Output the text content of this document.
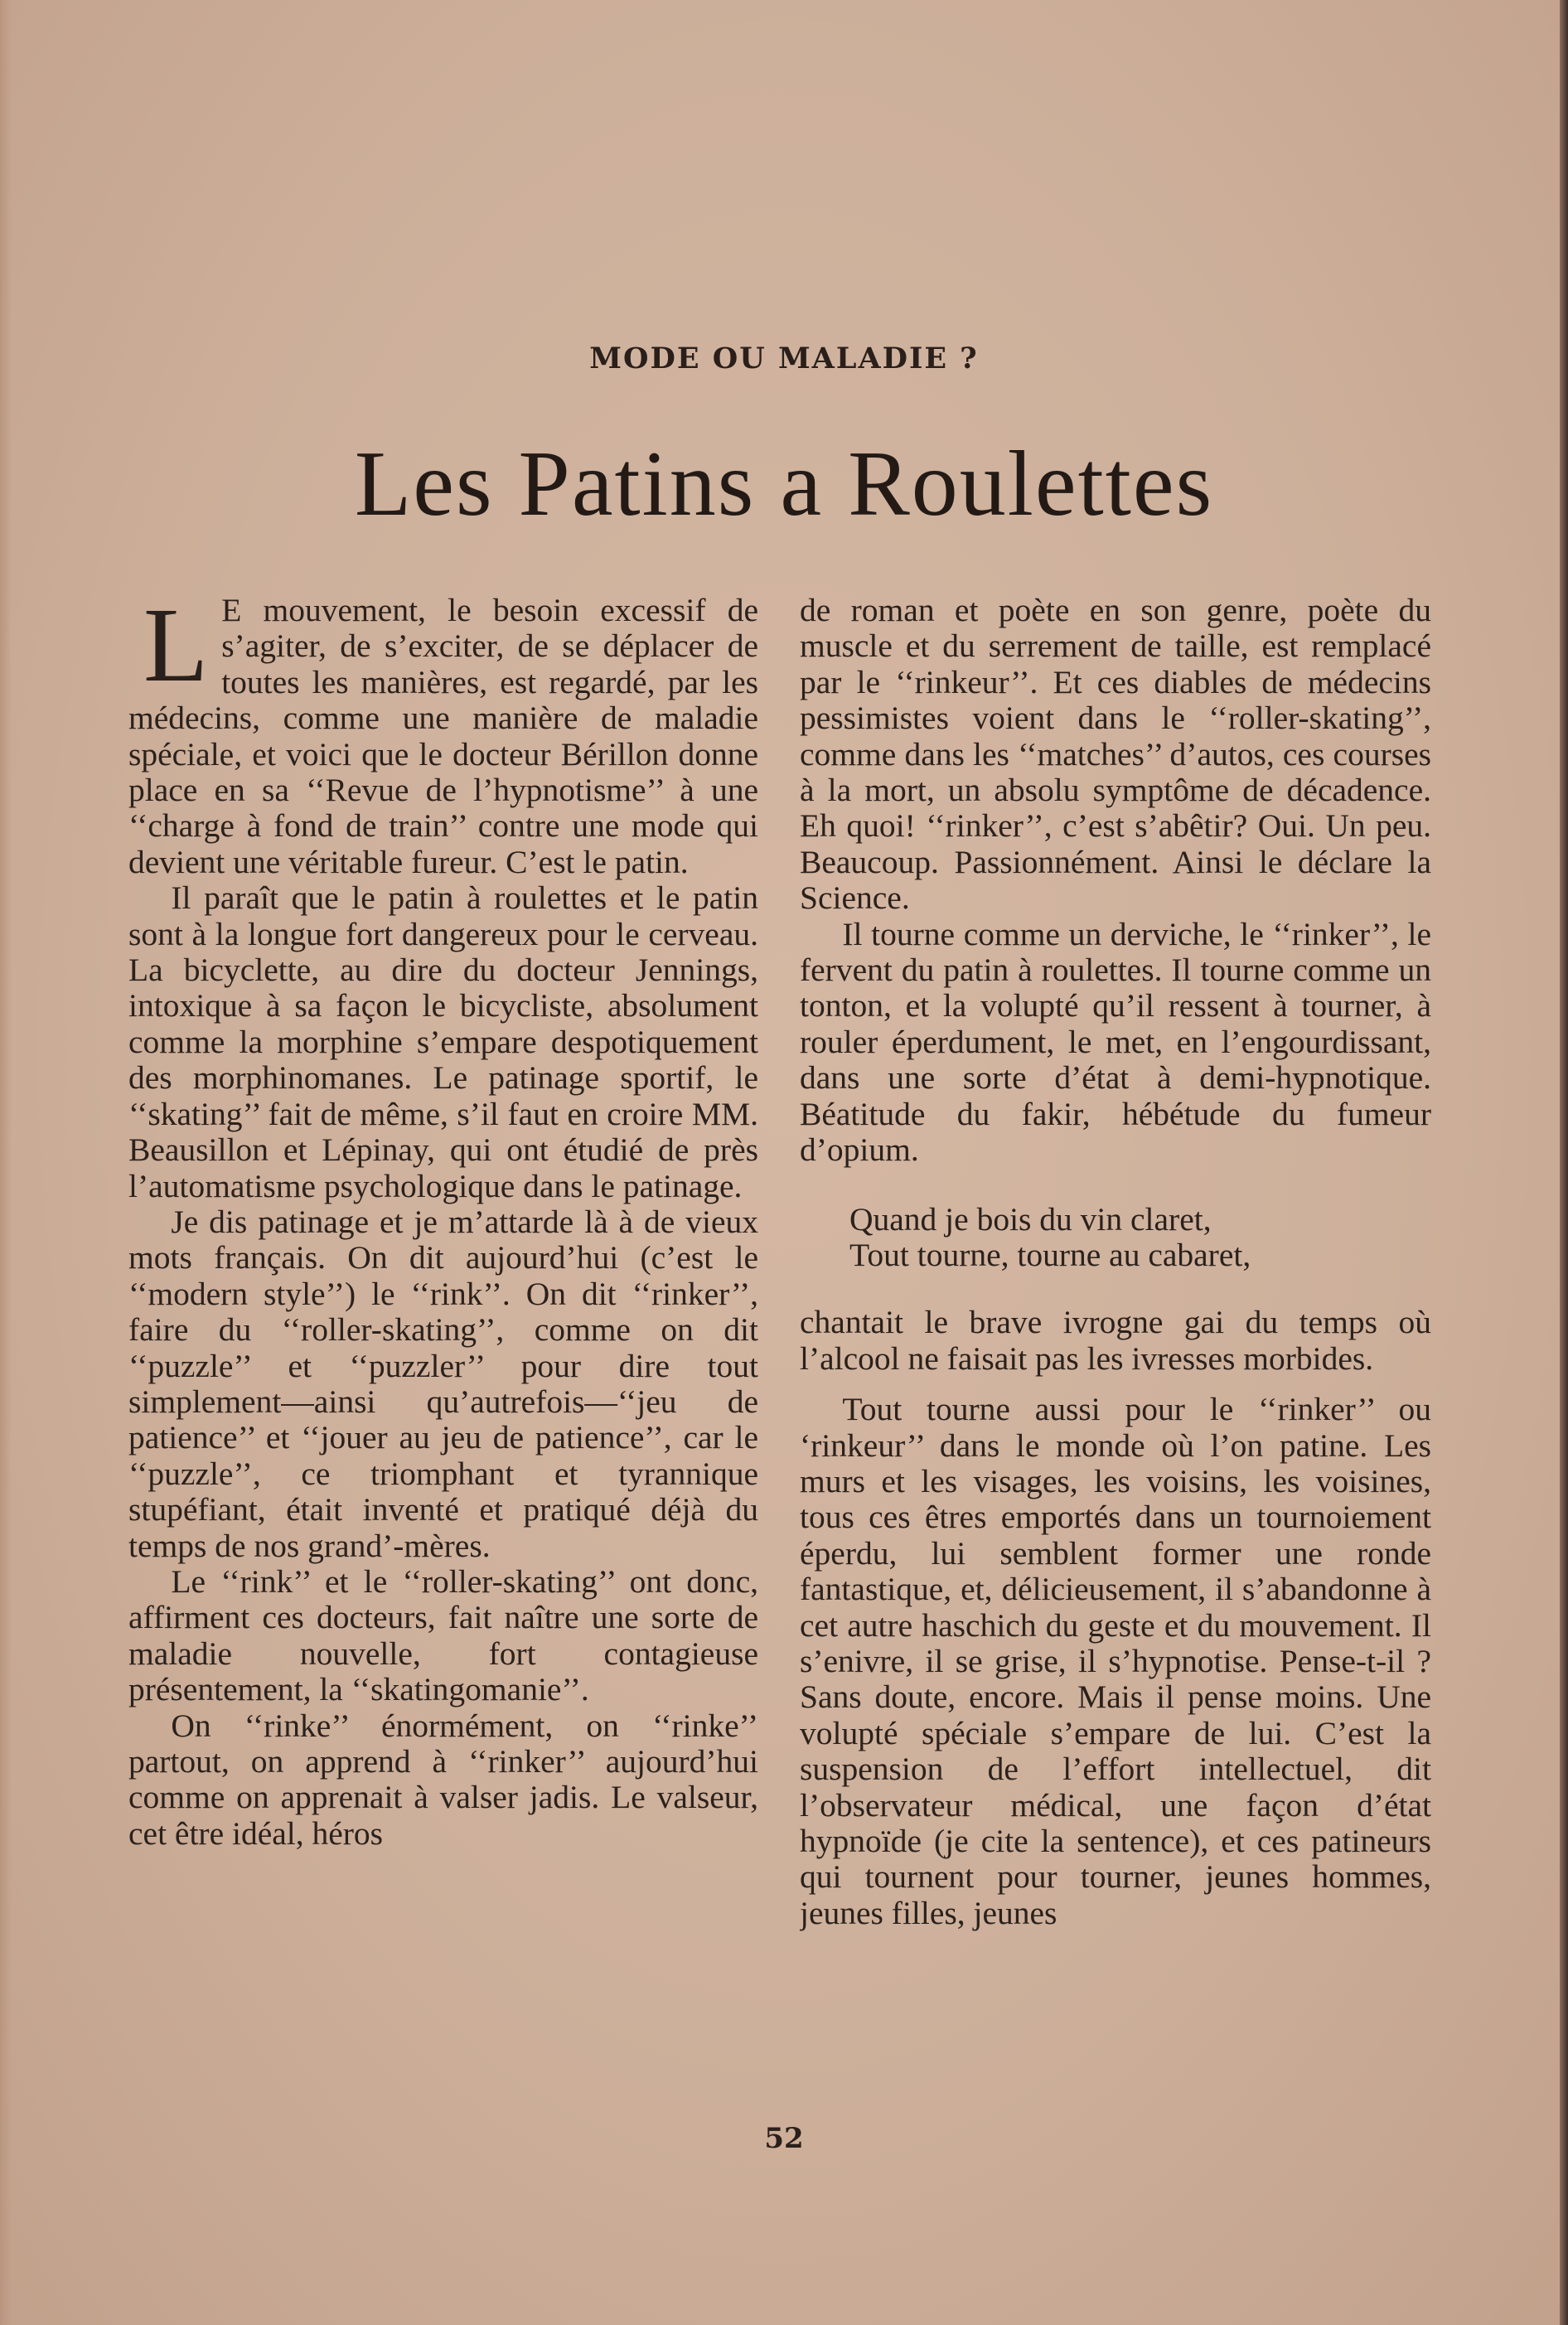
MODE OU MALADIE ?
Les Patins a Roulettes

L E mouvement, le besoin excessif de s’agiter, de s’exciter, de se déplacer de toutes les manières, est regardé, par les médecins, comme une manière de maladie spéciale, et voici que le docteur Bérillon donne place en sa ‘‘Revue de l’hypnotisme’’ à une ‘‘charge à fond de train’’ contre une mode qui devient une véritable fureur. C’est le patin.

Il paraît que le patin à roulettes et le patin sont à la longue fort dangereux pour le cerveau. La bicyclette, au dire du docteur Jennings, intoxique à sa façon le bicycliste, absolument comme la morphine s’empare despotiquement des morphinomanes. Le patinage sportif, le ‘‘skating’’ fait de même, s’il faut en croire MM. Beausillon et Lépinay, qui ont étudié de près l’automatisme psychologique dans le patinage.

Je dis patinage et je m’attarde là à de vieux mots français. On dit aujourd’hui (c’est le ‘‘modern style’’) le ‘‘rink’’. On dit ‘‘rinker’’, faire du ‘‘roller-skating’’, comme on dit ‘‘puzzle’’ et ‘‘puzzler’’ pour dire tout simplement—ainsi qu’autrefois—‘‘jeu de patience’’ et ‘‘jouer au jeu de patience’’, car le ‘‘puzzle’’, ce triomphant et tyrannique stupéfiant, était inventé et pratiqué déjà du temps de nos grand’-mères.

Le ‘‘rink’’ et le ‘‘roller-skating’’ ont donc, affirment ces docteurs, fait naître une sorte de maladie nouvelle, fort contagieuse présentement, la ‘‘skatingomanie’’.

On ‘‘rinke’’ énormément, on ‘‘rinke’’ partout, on apprend à ‘‘rinker’’ aujourd’hui comme on apprenait à valser jadis. Le valseur, cet être idéal, héros

de roman et poète en son genre, poète du muscle et du serrement de taille, est remplacé par le ‘‘rinkeur’’. Et ces diables de médecins pessimistes voient dans le ‘‘roller-skating’’, comme dans les ‘‘matches’’ d’autos, ces courses à la mort, un absolu symptôme de décadence. Eh quoi! ‘‘rinker’’, c’est s’abêtir? Oui. Un peu. Beaucoup. Passionnément. Ainsi le déclare la Science.

Il tourne comme un derviche, le ‘‘rinker’’, le fervent du patin à roulettes. Il tourne comme un tonton, et la volupté qu’il ressent à tourner, à rouler éperdument, le met, en l’engourdissant, dans une sorte d’état à demi-hypnotique. Béatitude du fakir, hébétude du fumeur d’opium.

Quand je bois du vin claret,
Tout tourne, tourne au cabaret,

chantait le brave ivrogne gai du temps où l’alcool ne faisait pas les ivresses morbides.

Tout tourne aussi pour le ‘‘rinker’’ ou ‘rinkeur’’ dans le monde où l’on patine. Les murs et les visages, les voisins, les voisines, tous ces êtres emportés dans un tournoiement éperdu, lui semblent former une ronde fantastique, et, délicieusement, il s’abandonne à cet autre haschich du geste et du mouvement. Il s’enivre, il se grise, il s’hypnotise. Pense-t-il ? Sans doute, encore. Mais il pense moins. Une volupté spéciale s’empare de lui. C’est la suspension de l’effort intellectuel, dit l’observateur médical, une façon d’état hypnoïde (je cite la sentence), et ces patineurs qui tournent pour tourner, jeunes hommes, jeunes filles, jeunes

52
